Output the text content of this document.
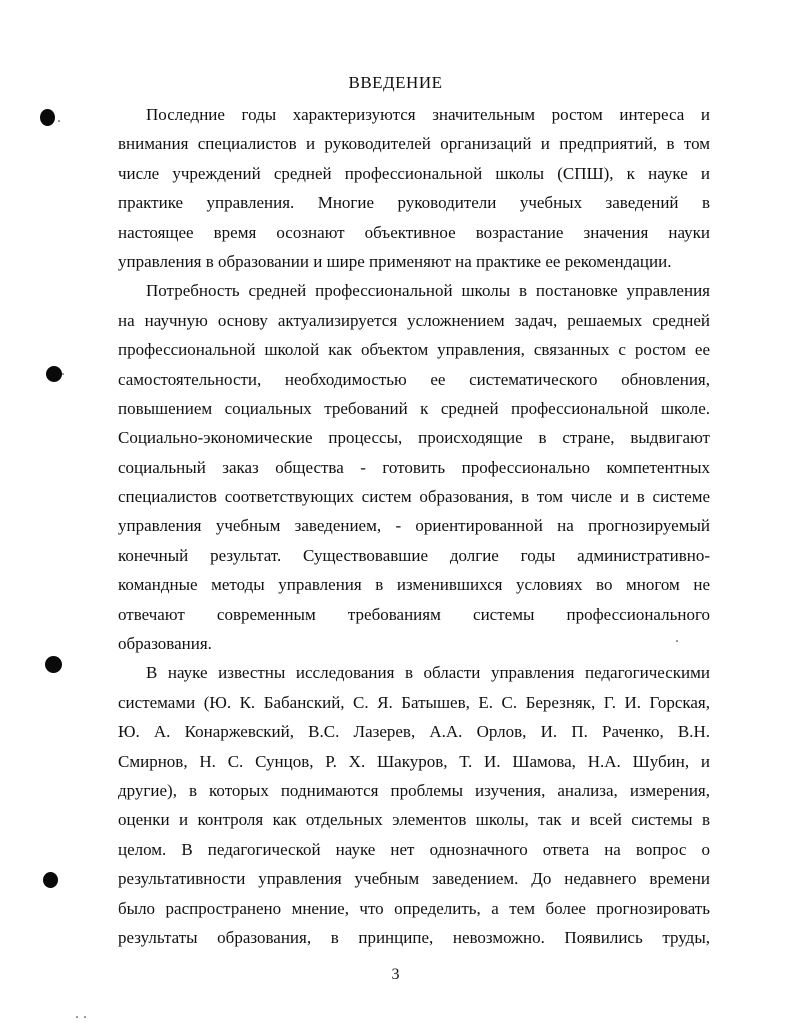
ВВЕДЕНИЕ
Последние годы характеризуются значительным ростом интереса и
внимания специалистов и руководителей организаций и предприятий, в том
числе учреждений средней профессиональной школы (СПШ), к науке и
практике управления. Многие руководители учебных заведений в
настоящее время осознают объективное возрастание значения науки
управления в образовании и шире применяют на практике ее рекомендации.
Потребность средней профессиональной школы в постановке управления
на научную основу актуализируется усложнением задач, решаемых средней
профессиональной школой как объектом управления, связанных с ростом ее
самостоятельности, необходимостью ее систематического обновления,
повышением социальных требований к средней профессиональной школе.
Социально-экономические процессы, происходящие в стране, выдвигают
социальный заказ общества - готовить профессионально компетентных
специалистов соответствующих систем образования, в том числе и в системе
управления учебным заведением, - ориентированной на прогнозируемый
конечный результат. Существовавшие долгие годы административно-
командные методы управления в изменившихся условиях во многом не
отвечают современным требованиям системы профессионального
образования.
В науке известны исследования в области управления педагогическими
системами (Ю. К. Бабанский, С. Я. Батышев, Е. С. Березняк, Г. И. Горская,
Ю. А. Конаржевский, В.С. Лазерев, А.А. Орлов, И. П. Раченко, В.Н.
Смирнов, Н. С. Сунцов, Р. Х. Шакуров, Т. И. Шамова, Н.А. Шубин, и
другие), в которых поднимаются проблемы изучения, анализа, измерения,
оценки и контроля как отдельных элементов школы, так и всей системы в
целом. В педагогической науке нет однозначного ответа на вопрос о
результативности управления учебным заведением. До недавнего времени
было распространено мнение, что определить, а тем более прогнозировать
результаты образования, в принципе, невозможно. Появились труды,
3
